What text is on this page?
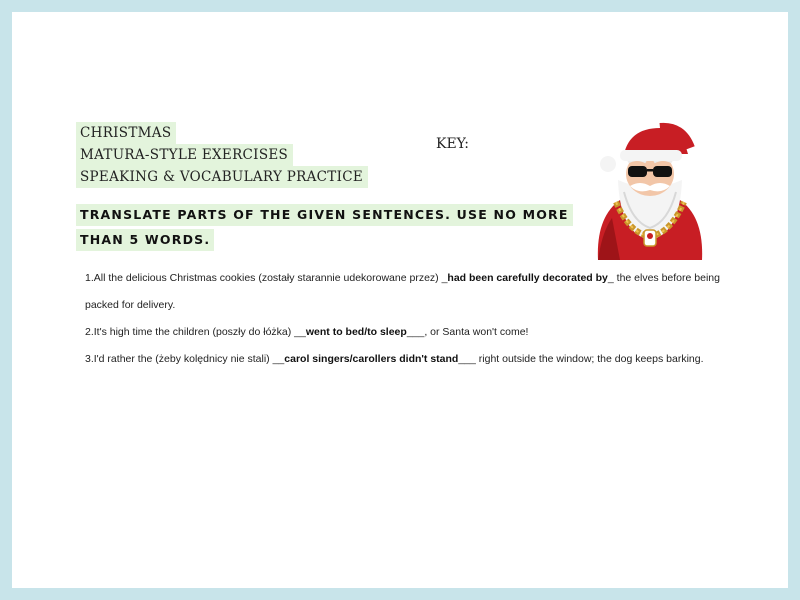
CHRISTMAS
MATURA-STYLE EXERCISES
SPEAKING & VOCABULARY PRACTICE
KEY:
TRANSLATE PARTS OF THE GIVEN SENTENCES. USE NO MORE
THAN 5 WORDS.

1.All the delicious Christmas cookies (zostały starannie udekorowane przez) _had been carefully decorated by_ the elves before being packed for delivery.

2.It's high time the children (poszły do łóżka) __went to bed/to sleep___, or Santa won't come!

3.I'd rather the (żeby kolędnicy nie stali) __carol singers/carollers didn't stand___ right outside the window; the dog keeps barking.
